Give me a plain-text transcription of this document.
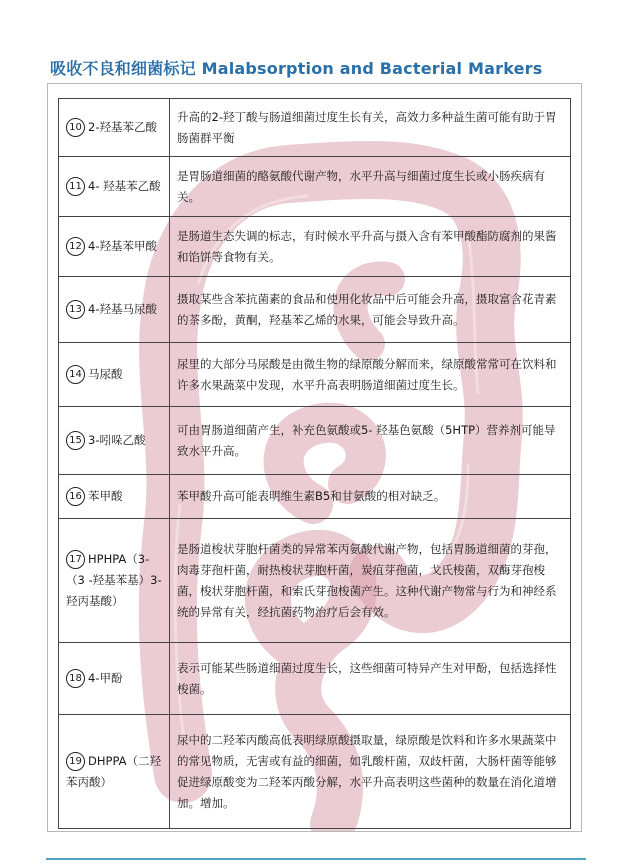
吸收不良和细菌标记 Malabsorption and Bacterial Markers
10 2-羟基苯乙酸	升高的2-羟丁酸与肠道细菌过度生长有关，高效力多种益生菌可能有助于胃肠菌群平衡
11 4- 羟基苯乙酸	是胃肠道细菌的酪氨酸代谢产物，水平升高与细菌过度生长或小肠疾病有关。
12 4-羟基苯甲酸	是肠道生态失调的标志，有时候水平升高与摄入含有苯甲酸酯防腐剂的果酱和馅饼等食物有关。
13 4-羟基马尿酸	摄取某些含苯抗菌素的食品和使用化妆品中后可能会升高，摄取富含花青素的茶多酚，黄酮，羟基苯乙烯的水果，可能会导致升高。
14 马尿酸	尿里的大部分马尿酸是由微生物的绿原酸分解而来，绿原酸常常可在饮料和许多水果蔬菜中发现，水平升高表明肠道细菌过度生长。
15 3-吲哚乙酸	可由胃肠道细菌产生，补充色氨酸或5- 羟基色氨酸（5HTP）营养剂可能导致水平升高。
16 苯甲酸	苯甲酸升高可能表明维生素B5和甘氨酸的相对缺乏。
17 HPHPA（3-（3 -羟基苯基）3-羟丙基酸）	是肠道梭状芽胞杆菌类的异常苯丙氨酸代谢产物，包括胃肠道细菌的芽孢，肉毒芽孢杆菌，耐热梭状芽胞杆菌，炭疽芽孢菌，戈氏梭菌，双酶芽孢梭菌，梭状芽胞杆菌，和索氏芽孢梭菌产生。这种代谢产物常与行为和神经系统的异常有关，经抗菌药物治疗后会有效。
18 4-甲酚	表示可能某些肠道细菌过度生长，这些细菌可特异产生对甲酚，包括选择性梭菌。
19 DHPPA（二羟苯丙酸）	尿中的二羟苯丙酸高低表明绿原酸摄取量，绿原酸是饮料和许多水果蔬菜中的常见物质，无害或有益的细菌，如乳酸杆菌，双歧杆菌，大肠杆菌等能够促进绿原酸变为二羟苯丙酸分解，水平升高表明这些菌种的数量在消化道增加。增加。
